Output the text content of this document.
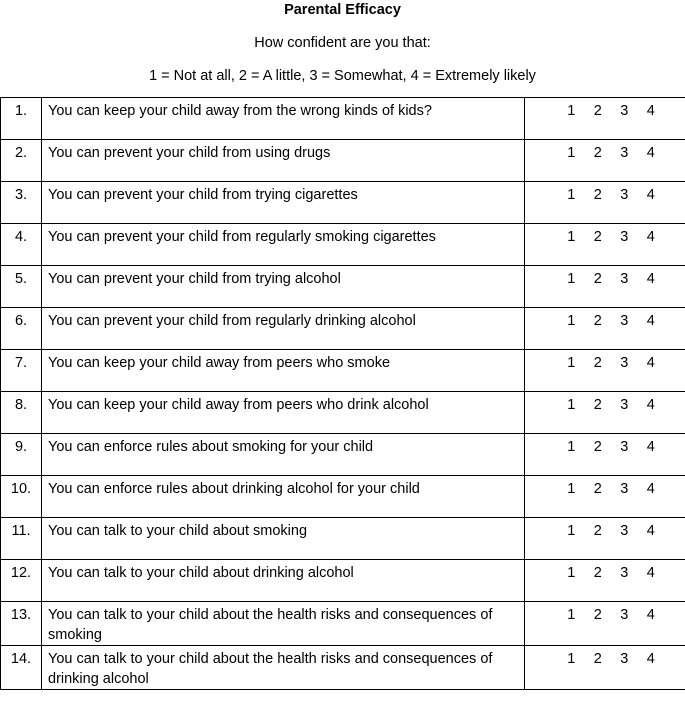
Parental Efficacy
How confident are you that:
1 = Not at all, 2 = A little, 3 = Somewhat, 4 = Extremely likely
1.	You can keep your child away from the wrong kinds of kids?	1 2 3 4

2.	You can prevent your child from using drugs	1 2 3 4

3.	You can prevent your child from trying cigarettes	1 2 3 4

4.	You can prevent your child from regularly smoking cigarettes	1 2 3 4

5.	You can prevent your child from trying alcohol	1 2 3 4

6.	You can prevent your child from regularly drinking alcohol	1 2 3 4

7.	You can keep your child away from peers who smoke	1 2 3 4

8.	You can keep your child away from peers who drink alcohol	1 2 3 4

9.	You can enforce rules about smoking for your child	1 2 3 4

10.	You can enforce rules about drinking alcohol for your child	1 2 3 4

11.	You can talk to your child about smoking	1 2 3 4

12.	You can talk to your child about drinking alcohol	1 2 3 4

13.	You can talk to your child about the health risks and consequences of smoking	1 2 3 4

14.	You can talk to your child about the health risks and consequences of drinking alcohol	1 2 3 4
